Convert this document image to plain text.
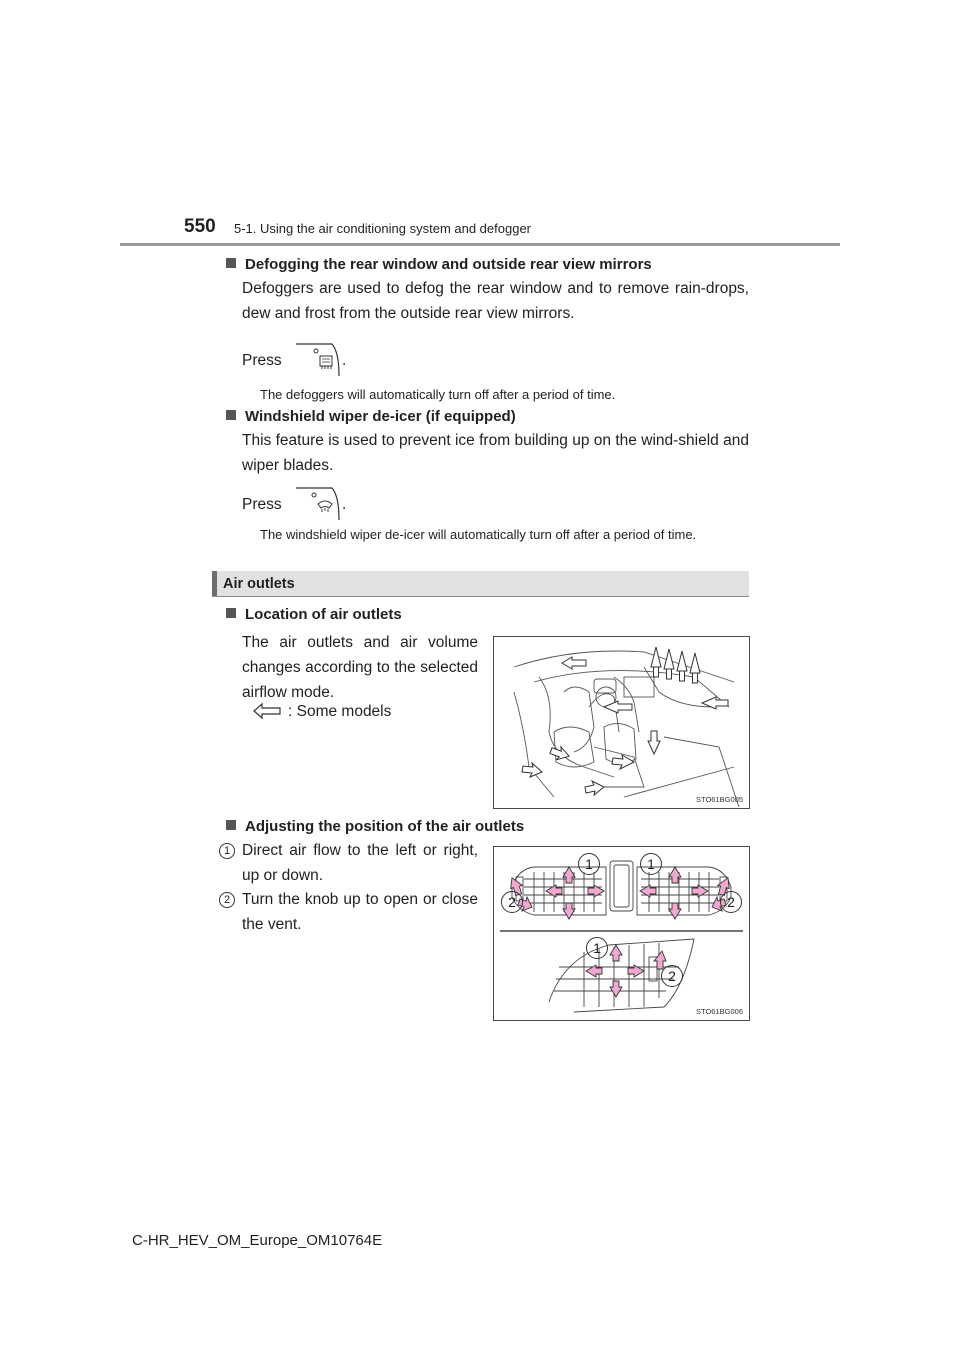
550 5-1. Using the air conditioning system and defogger
Defogging the rear window and outside rear view mirrors
Defoggers are used to defog the rear window and to remove rain-drops, dew and frost from the outside rear view mirrors.
Press	.
The defoggers will automatically turn off after a period of time.
Windshield wiper de-icer (if equipped)
This feature is used to prevent ice from building up on the wind-shield and wiper blades.
Press	.
The windshield wiper de-icer will automatically turn off after a period of time.
Air outlets
Location of air outlets
The air outlets and air volume changes according to the selected airflow mode.
: Some models
STO61BG005
Adjusting the position of the air outlets
1 Direct air flow to the left or right, up or down.
2 Turn the knob up to open or close the vent.
1	1
2	2
1
2
STO61BG006
C-HR_HEV_OM_Europe_OM10764E
